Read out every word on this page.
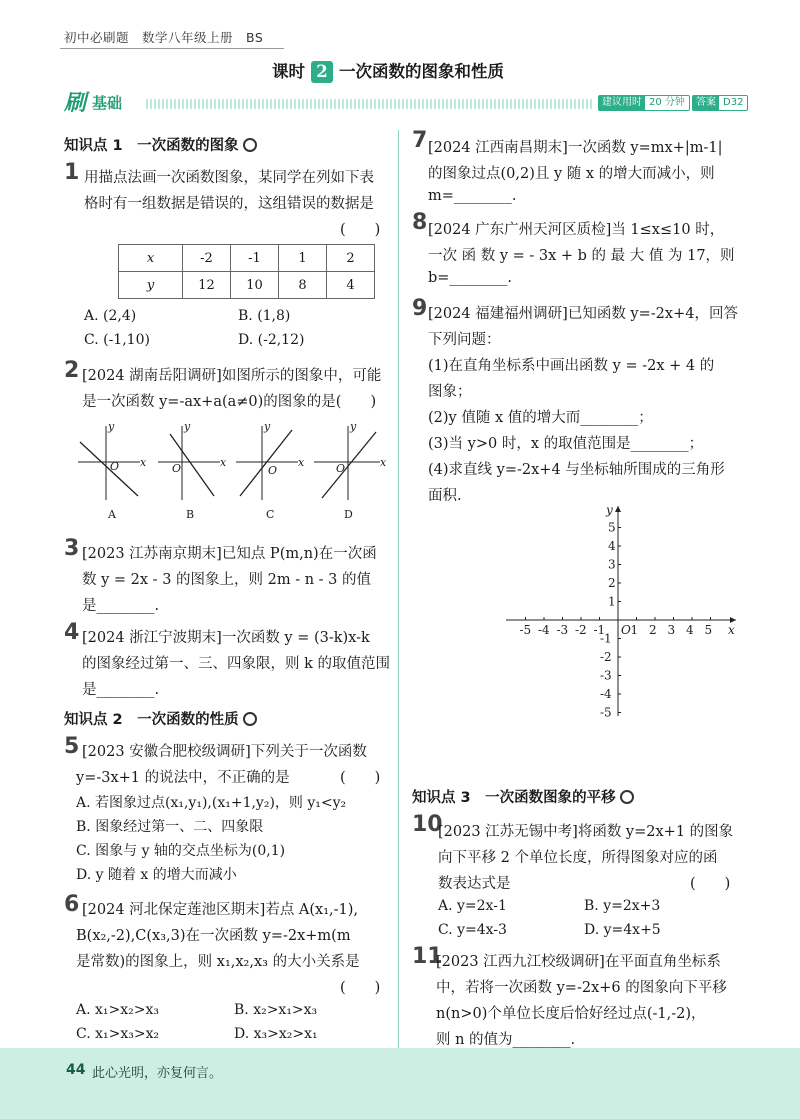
初中必刷题　数学八年级上册　BS
课时 2 一次函数的图象和性质
刷 基础	建议用时 20 分钟	答案 D32
知识点 1　一次函数的图象
1 用描点法画一次函数图象，某同学在列如下表
格时有一组数据是错误的，这组错误的数据是
(　　)
x	-2	-1	1	2
y	12	10	8	4
A. (2,4)	B. (1,8)
C. (-1,10)	D. (-2,12)
2 [2024 湖南岳阳调研]如图所示的图象中，可能
是一次函数 y=-ax+a(a≠0)的图象的是(　　)
y
x
O
A
y
x
O
B
y
x
O
C
y
x
O
D
3 [2023 江苏南京期末]已知点 P(m,n)在一次函
数 y = 2x - 3 的图象上，则 2m - n - 3 的值
是________.
4 [2024 浙江宁波期末]一次函数 y = (3-k)x-k
的图象经过第一、三、四象限，则 k 的取值范围
是________.
知识点 2　一次函数的性质
5 [2023 安徽合肥校级调研]下列关于一次函数
y=-3x+1 的说法中，不正确的是	(　　)
A. 若图象过点(x₁,y₁),(x₁+1,y₂)，则 y₁<y₂
B. 图象经过第一、二、四象限
C. 图象与 y 轴的交点坐标为(0,1)
D. y 随着 x 的增大而减小
6 [2024 河北保定莲池区期末]若点 A(x₁,-1),
B(x₂,-2),C(x₃,3)在一次函数 y=-2x+m(m
是常数)的图象上，则 x₁,x₂,x₃ 的大小关系是
(　　)
A. x₁>x₂>x₃	B. x₂>x₁>x₃
C. x₁>x₃>x₂	D. x₃>x₂>x₁
7 [2024 江西南昌期末]一次函数 y=mx+|m-1|
的图象过点(0,2)且 y 随 x 的增大而减小，则
m=________.
8 [2024 广东广州天河区质检]当 1≤x≤10 时，
一次 函 数 y = - 3x + b 的 最 大 值 为 17，则
b=________.
9 [2024 福建福州调研]已知函数 y=-2x+4，回答
下列问题：
(1)在直角坐标系中画出函数 y = -2x + 4 的
图象；
(2)y 值随 x 值的增大而________；
(3)当 y>0 时，x 的取值范围是________；
(4)求直线 y=-2x+4 与坐标轴所围成的三角形
面积.
-5 -4 -3 -2 -1 1 2 3 4 5
5
4
3
2
1
-1
-2
-3
-4
-5
x
y
O
知识点 3　一次函数图象的平移
10
[2023 江苏无锡中考]将函数 y=2x+1 的图象
向下平移 2 个单位长度，所得图象对应的函
数表达式是	(　　)
A. y=2x-1	B. y=2x+3
C. y=4x-3	D. y=4x+5
11
[2023 江西九江校级调研]在平面直角坐标系
中，若将一次函数 y=-2x+6 的图象向下平移
n(n>0)个单位长度后恰好经过点(-1,-2)，
则 n 的值为________.
44 此心光明，亦复何言。
